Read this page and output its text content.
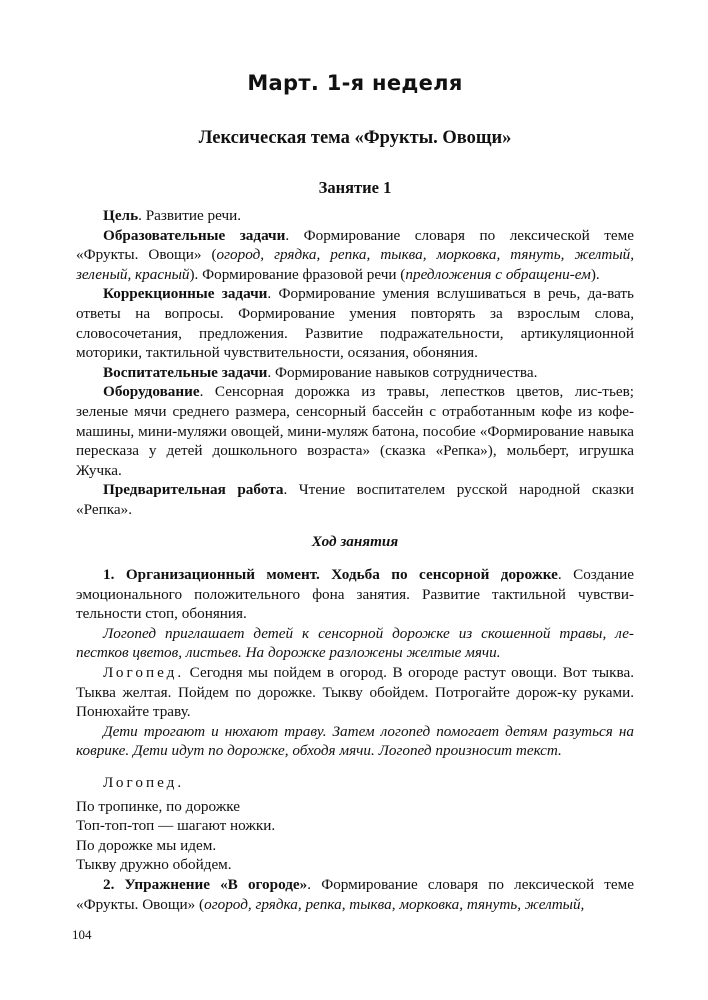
Март. 1-я неделя
Лексическая тема «Фрукты. Овощи»
Занятие 1

Цель. Развитие речи.

Образовательные задачи. Формирование словаря по лексической теме «Фрукты. Овощи» (огород, грядка, репка, тыква, морковка, тянуть, желтый, зеленый, красный). Формирование фразовой речи (предложения с обращени-ем).

Коррекционные задачи. Формирование умения вслушиваться в речь, да-вать ответы на вопросы. Формирование умения повторять за взрослым слова, словосочетания, предложения. Развитие подражательности, артикуляционной моторики, тактильной чувствительности, осязания, обоняния.

Воспитательные задачи. Формирование навыков сотрудничества.

Оборудование. Сенсорная дорожка из травы, лепестков цветов, лис-тьев; зеленые мячи среднего размера, сенсорный бассейн с отработанным кофе из кофе-машины, мини-муляжи овощей, мини-муляж батона, пособие «Формирование навыка пересказа у детей дошкольного возраста» (сказка «Репка»), мольберт, игрушка Жучка.

Предварительная работа. Чтение воспитателем русской народной сказки «Репка».

Ход занятия

1. Организационный момент. Ходьба по сенсорной дорожке. Создание эмоционального положительного фона занятия. Развитие тактильной чувстви-тельности стоп, обоняния.

Логопед приглашает детей к сенсорной дорожке из скошенной травы, ле-пестков цветов, листьев. На дорожке разложены желтые мячи.

Логопед. Сегодня мы пойдем в огород. В огороде растут овощи. Вот тыква. Тыква желтая. Пойдем по дорожке. Тыкву обойдем. Потрогайте дорож-ку руками. Понюхайте траву.

Дети трогают и нюхают траву. Затем логопед помогает детям разуться на коврике. Дети идут по дорожке, обходя мячи. Логопед произносит текст.

Логопед.

По тропинке, по дорожке
Топ-топ-топ — шагают ножки.
По дорожке мы идем.
Тыкву дружно обойдем.

2. Упражнение «В огороде». Формирование словаря по лексической теме «Фрукты. Овощи» (огород, грядка, репка, тыква, морковка, тянуть, желтый,

104
